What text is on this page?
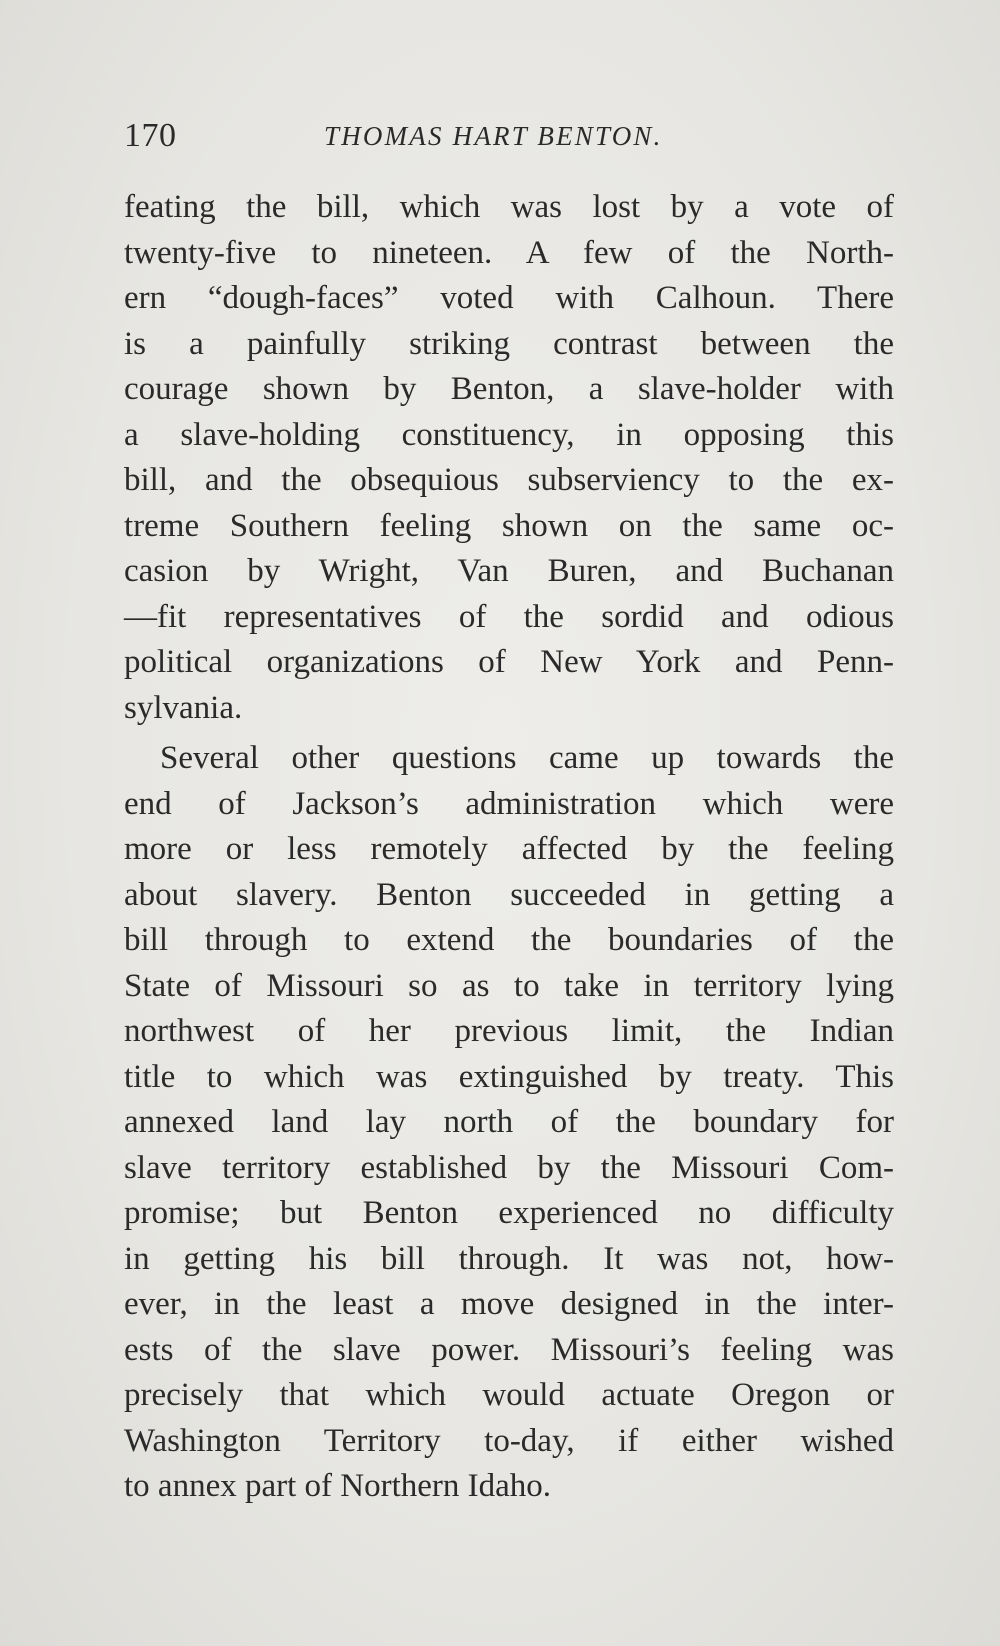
170	THOMAS HART BENTON.
feating the bill, which was lost by a vote of
twenty-five to nineteen. A few of the North-
ern “dough-faces” voted with Calhoun. There
is a painfully striking contrast between the
courage shown by Benton, a slave-holder with
a slave-holding constituency, in opposing this
bill, and the obsequious subserviency to the ex-
treme Southern feeling shown on the same oc-
casion by Wright, Van Buren, and Buchanan
—fit representatives of the sordid and odious
political organizations of New York and Penn-
sylvania.
Several other questions came up towards the
end of Jackson’s administration which were
more or less remotely affected by the feeling
about slavery. Benton succeeded in getting a
bill through to extend the boundaries of the
State of Missouri so as to take in territory lying
northwest of her previous limit, the Indian
title to which was extinguished by treaty. This
annexed land lay north of the boundary for
slave territory established by the Missouri Com-
promise; but Benton experienced no difficulty
in getting his bill through. It was not, how-
ever, in the least a move designed in the inter-
ests of the slave power. Missouri’s feeling was
precisely that which would actuate Oregon or
Washington Territory to-day, if either wished
to annex part of Northern Idaho.
